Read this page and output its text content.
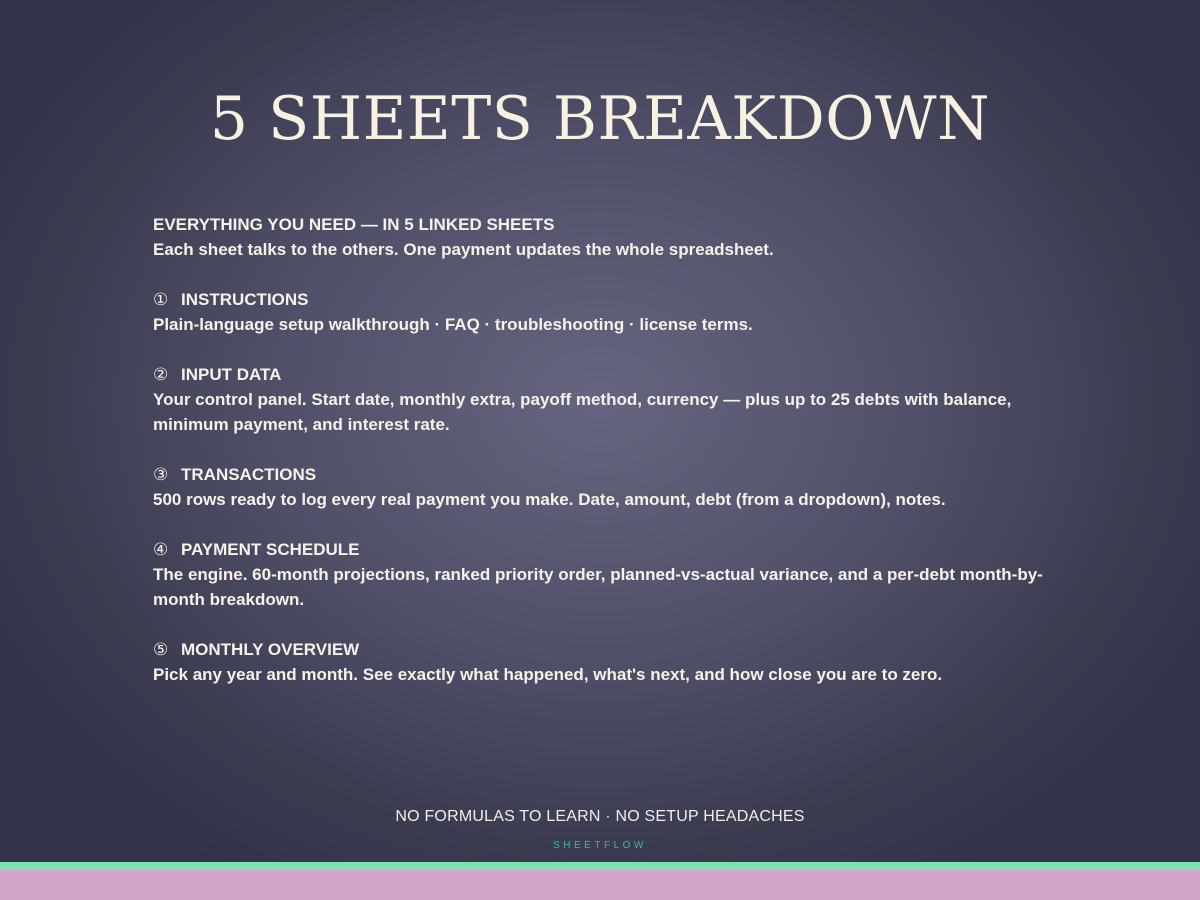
5 SHEETS BREAKDOWN
EVERYTHING YOU NEED — IN 5 LINKED SHEETS
Each sheet talks to the others. One payment updates the whole spreadsheet.
① INSTRUCTIONS
Plain-language setup walkthrough · FAQ · troubleshooting · license terms.
② INPUT DATA
Your control panel. Start date, monthly extra, payoff method, currency — plus up to 25 debts with balance, minimum payment, and interest rate.
③ TRANSACTIONS
500 rows ready to log every real payment you make. Date, amount, debt (from a dropdown), notes.
④ PAYMENT SCHEDULE
The engine. 60-month projections, ranked priority order, planned-vs-actual variance, and a per-debt month-by-month breakdown.
⑤ MONTHLY OVERVIEW
Pick any year and month. See exactly what happened, what's next, and how close you are to zero.
NO FORMULAS TO LEARN · NO SETUP HEADACHES
SHEETFLOW
